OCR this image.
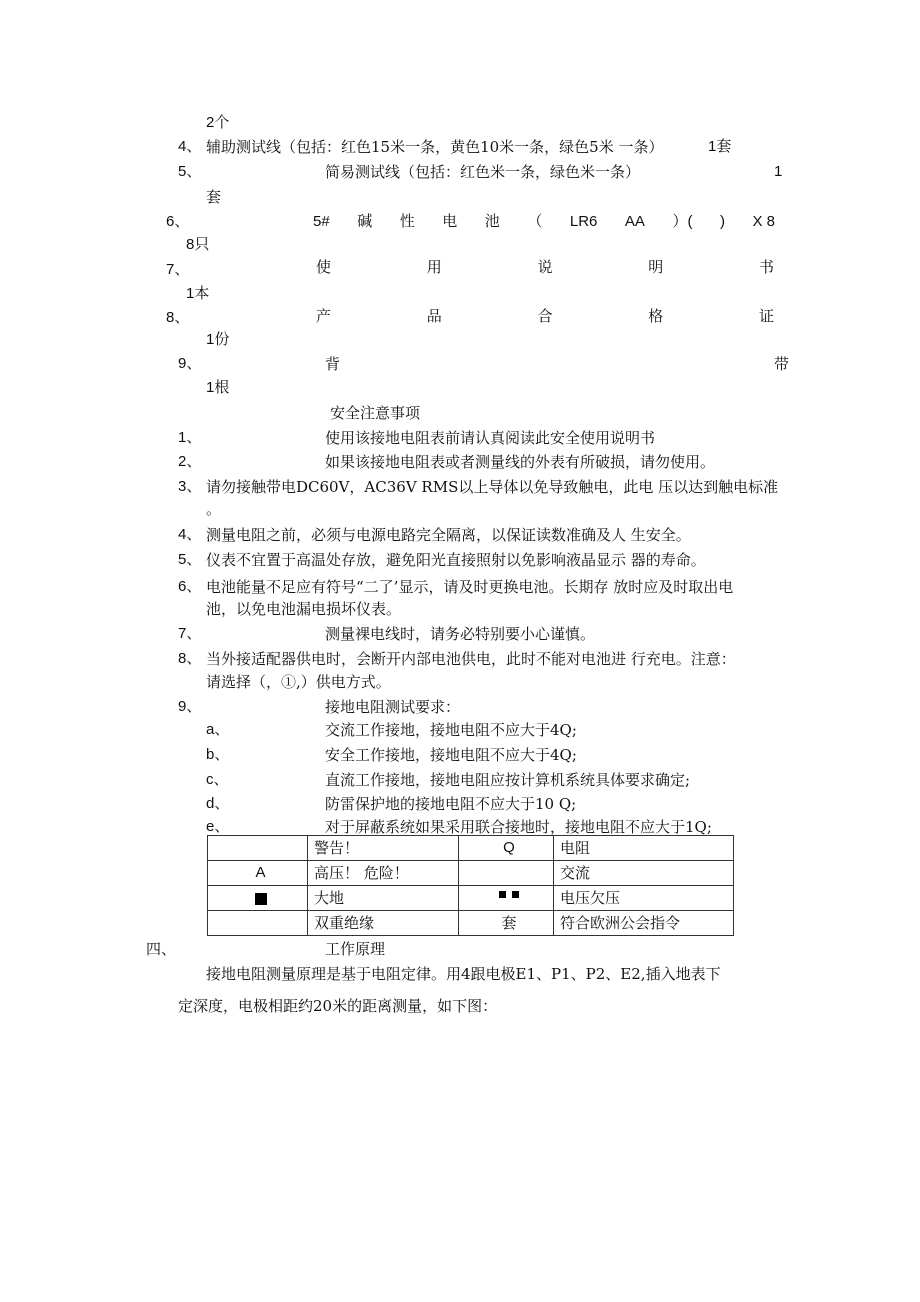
2个
4、 辅助测试线（包括：红色15米一条，黄色10米一条，绿色5米 一条）	1套
5、	简易测试线（包括：红色米一条，绿色米一条）	1
套
6、	5# 碱 性 电 池 （ LR6 AA ）( ) X 8
8只
7、	使	用	说	明	书
1本
8、	产	品	合	格	证
1份
9、	背	带
1根
安全注意事项
1、	使用该接地电阻表前请认真阅读此安全使用说明书
2、	如果该接地电阻表或者测量线的外表有所破损，请勿使用。
3、 请勿接触带电DC60V，AC36V RMS以上导体以免导致触电，此电 压以达到触电标准
。
4、 测量电阻之前，必须与电源电路完全隔离，以保证读数准确及人 生安全。
5、 仪表不宜置于高温处存放，避免阳光直接照射以免影响液晶显示 器的寿命。
6、 电池能量不足应有符号“二了’显示，请及时更换电池。长期存 放时应及时取出电
池，以免电池漏电损坏仪表。
7、	测量裸电线时，请务必特别要小心谨慎。
8、 当外接适配器供电时，会断开内部电池供电，此时不能对电池进 行充电。注意：
请选择（，①,）供电方式。
9、	接地电阻测试要求：
a、	交流工作接地，接地电阻不应大于4Q;
b、	安全工作接地，接地电阻不应大于4Q;
c、	直流工作接地，接地电阻应按计算机系统具体要求确定;
d、	防雷保护地的接地电阻不应大于10 Q;
e、	对于屏蔽系统如果采用联合接地时，接地电阻不应大于1Q;
	警告！	Q	电阻
A	高压！ 危险！		交流
	大地		电压欠压
	双重绝缘	套	符合欧洲公会指令
四、	工作原理
接地电阻测量原理是基于电阻定律。用4跟电极E1、P1、P2、E2,插入地表下
定深度，电极相距约20米的距离测量，如下图：
